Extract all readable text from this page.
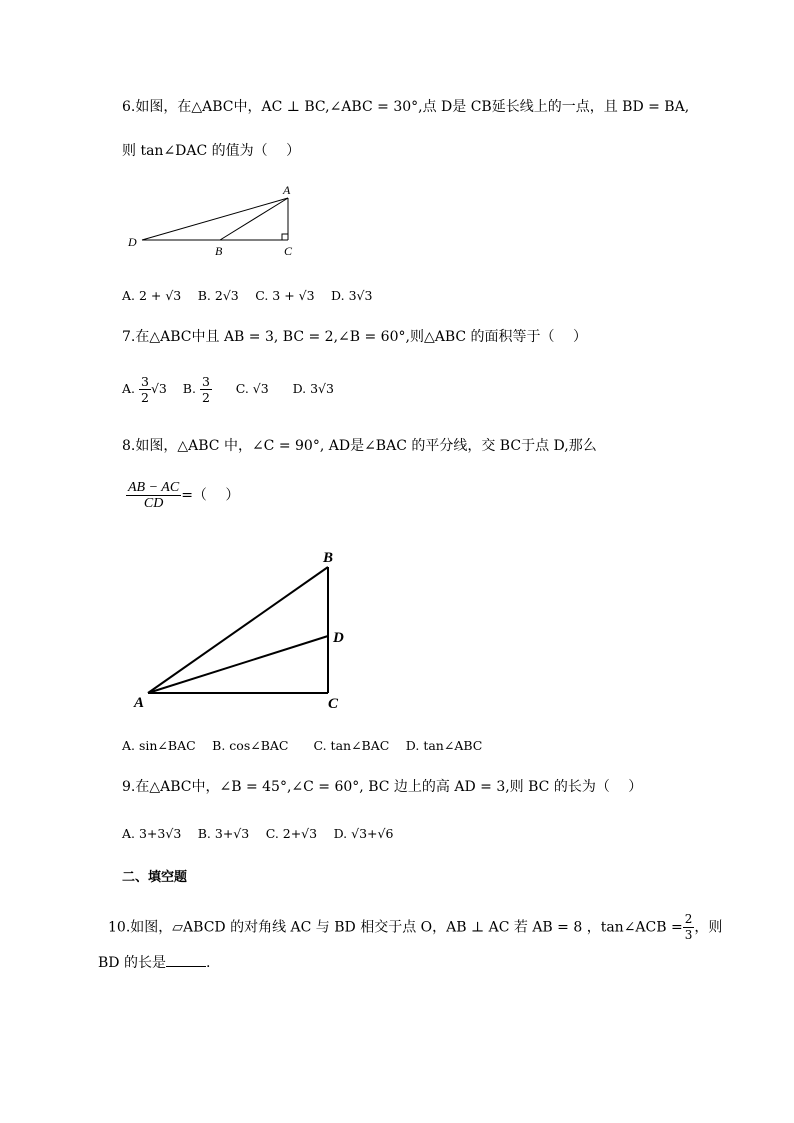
6.如图，在△ABC中，AC ⊥ BC,∠ABC = 30°,点 D是 CB延长线上的一点，且 BD = BA,
则 tan∠DAC 的值为（　 ）
A
B	C
D
A. 2 + √3　 B. 2√3　 C. 3 + √3　 D. 3√3
7.在△ABC中且 AB = 3, BC = 2,∠B = 60°,则△ABC 的面积等于（　 ）
A. $\frac{3}{2} √3$ B. $\frac{3}{2} C$. √3 D. 3√3
8.如图，△ABC 中，∠C = 90°, AD是∠BAC 的平分线，交 BC于点 D,那么
$\frac{AB - AC}{CD}$ =（　 ）
B
D
A	C
A. sin∠BAC　 B. cos∠BAC　　C. tan∠BAC　 D. tan∠ABC
9.在△ABC中，∠B = 45°,∠C = 60°, BC 边上的高 AD = 3,则 BC 的长为（　 ）
A. 3+3√3　 B. 3+√3　 C. 2+√3　 D. √3+√6
二、填空题
10.如图，▱ABCD 的对角线 AC 与 BD 相交于点 O，AB ⊥ AC 若 AB = 8 ，tan∠ACB = $\frac{2}{3}$ ，则
BD 的长是	.
